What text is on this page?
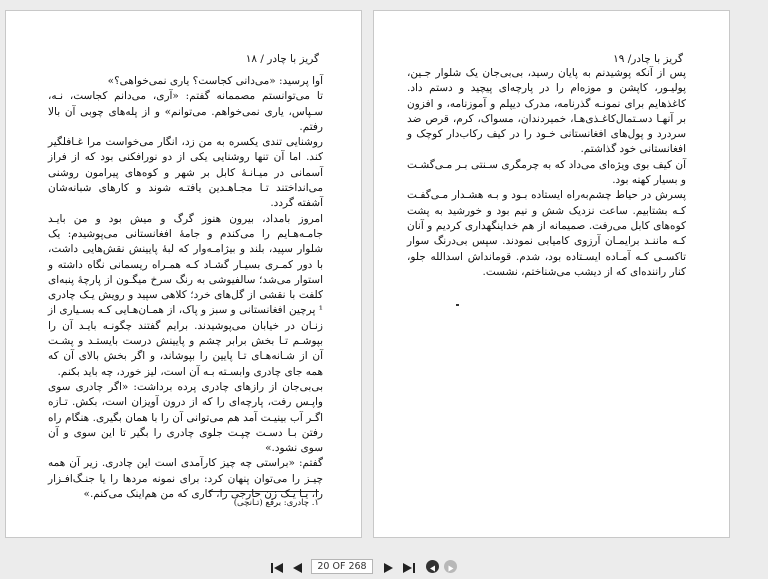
۱۸ / گریز با چادر

آوا پرسید: «می‌دانی کجاست؟ یاری نمی‌خواهی؟»

تا می‌توانستم مصممانه گفتم: «آری، می‌دانم کجاست، نـه، سـپاس، یاری نمی‌خواهم. می‌توانم» و از پله‌های چوبی آن بالا رفتم.

روشنایی تندی یکسره به من زد، انگار می‌خواست مرا غـافلگیر کند. اما آن تنها روشنایی یکی از دو نورافکنی بود که از فراز آسمانی در میـانـهٔ کابل بر شهر و کوه‌های پیرامون روشنی می‌انداختند تـا مجـاهـدین یافتـه شوند و کارهای شبانه‌شان آشفته گردد.

امروز بامداد، بیرون هنوز گرگ و میش بود و من بایـد جامـه‌هـایم را می‌کندم و جامهٔ افغانستانی می‌پوشیدم: یک شلوار سپید، بلند و بیژامـه‌وار که لبهٔ پایینش نقش‌هایی داشت، با دور کمـری بسیـار گشـاد کـه همـراه ریسمانی نگاه داشته و استوار می‌شد؛ سالفیوشی به رنگ سرخ میگـون از پارچهٔ پنبه‌ای کلفت با نقشی از گل‌های خرد؛ کلاهی سپید و رویش یـک چادری ¹ پرچین افغانستانی و سبز و پاک، از همـان‌هـایی کـه بسـیاری از زنـان در خیابان می‌پوشیدند. برایم گفتند چگونـه بایـد آن را بپوشـم تـا بخش برابر چشم و پایینش درست بایستـد و پشـت آن از شـانه‌هـای تـا پایین را بپوشاند، و اگر بخش بالای آن که همه جای چادری وابسـته بـه آن است، لیز خورد، چه باید بکنم.

بی‌بی‌جان از رازهای چادری پرده برداشت: «اگر چادری سوی واپـس رفت، پارچه‌ای را که از درون آویزان است، بکش. تـازه اگـر آب بینیـت آمد هم می‌توانی آن را با همان بگیری. هنگام راه رفتن بـا دسـت چپـت جلوی چادری را بگیر تا این سوی و آن سوی نشود.»

گفتم: «براستی چه چیز کارآمدی است این چادری. زیر آن همه چیـز را می‌توان پنهان کرد: برای نمونه مردها را یا جنـگ‌افـزار را، یـا یـک زن خارجی را، کاری که من هم‌اینک می‌کنم.»

۱. چادری: برقع (تـانچی)
گریز با چادر/ ۱۹

پس از آنکه پوشیدنم به پایان رسید، بی‌بی‌جان یک شلوار جـین، پولیـور، کاپشن و موزه‌ام را در پارچه‌ای پیچید و دستم داد. کاغذهایم برای نمونـه گذرنامه، مدرک دیپلم و آموزنامه، و افزون بر آنهـا دسـتمال‌کاغـذی‌هـا، خمیردندان، مسواک، کرم، قرص ضد سردرد و پول‌های افغانستانی خـود را در کیف رکاب‌دار کوچک و افغانستانی خود گذاشتم.

آن کیف بوی ویژه‌ای می‌داد که به چرمگری سـنتی بـر مـی‌گشـت و بسیار کهنه بود.

پسرش در حیاط چشم‌به‌راه ایستاده بـود و بـه هشـدار مـی‌گفـت کـه بشتابیم. ساعت نزدیک شش و نیم بود و خورشید به پشت کوه‌های کابل می‌رفت. صمیمانه از هم خداینگهداری کردیم و آنان کـه ماننـد برایمـان آرزوی کامیابی نمودند. سپس بی‌درنگ سوار تاکسـی کـه آمـاده ایسـتاده بود، شدم. قومانداش اسدالله جلو، کنار راننده‌ای که از دیشب می‌شناختم، نشست.

20 OF 268
